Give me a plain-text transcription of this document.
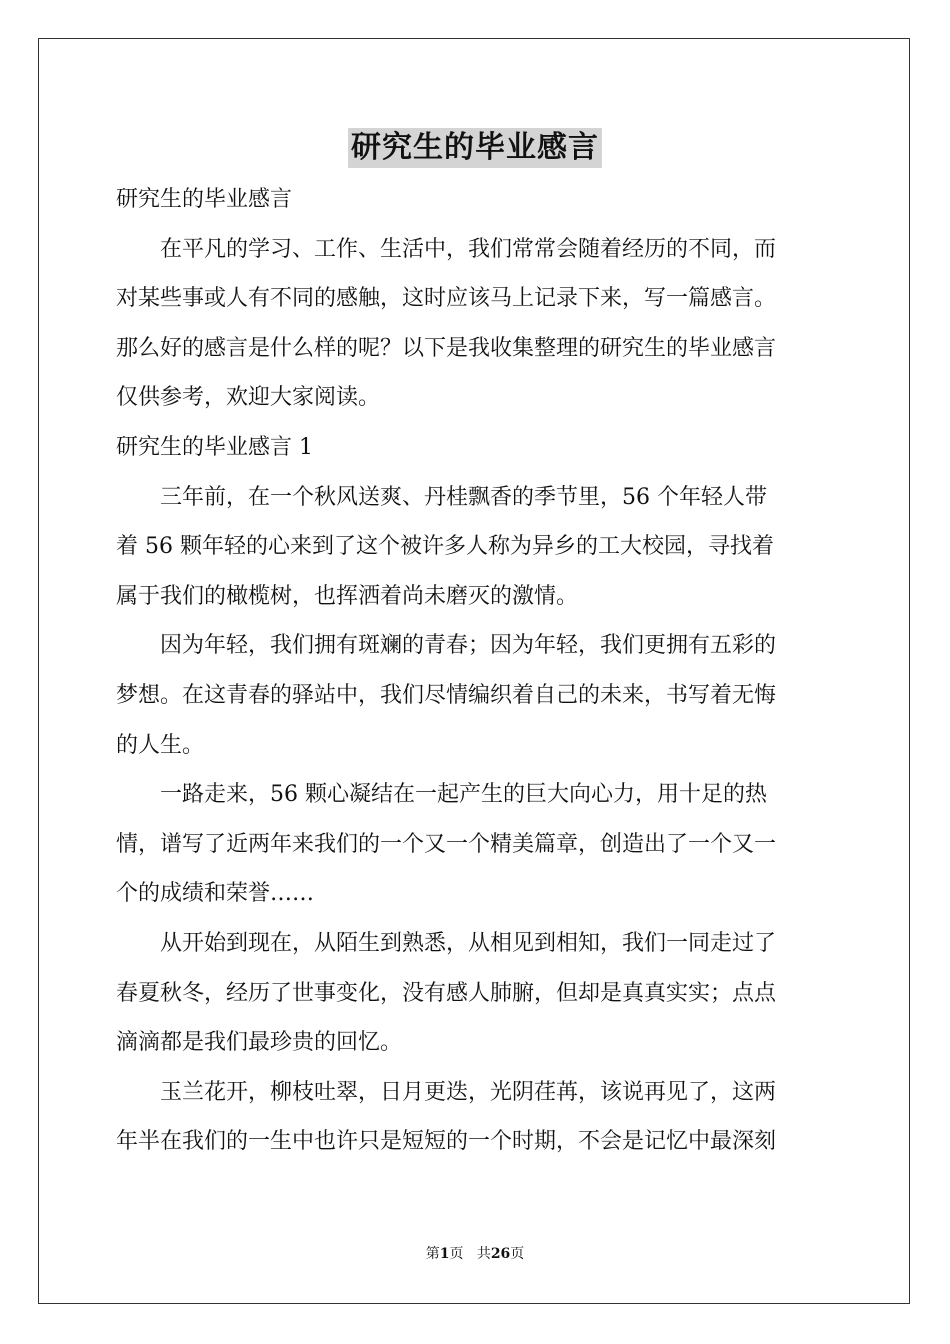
研究生的毕业感言

研究生的毕业感言

在平凡的学习、工作、生活中，我们常常会随着经历的不同，而

对某些事或人有不同的感触，这时应该马上记录下来，写一篇感言。

那么好的感言是什么样的呢？以下是我收集整理的研究生的毕业感言

仅供参考，欢迎大家阅读。

研究生的毕业感言 1

三年前，在一个秋风送爽、丹桂飘香的季节里，56 个年轻人带

着 56 颗年轻的心来到了这个被许多人称为异乡的工大校园，寻找着

属于我们的橄榄树，也挥洒着尚未磨灭的激情。

因为年轻，我们拥有斑斓的青春；因为年轻，我们更拥有五彩的

梦想。在这青春的驿站中，我们尽情编织着自己的未来，书写着无悔

的人生。

一路走来，56 颗心凝结在一起产生的巨大向心力，用十足的热

情，谱写了近两年来我们的一个又一个精美篇章，创造出了一个又一

个的成绩和荣誉……

从开始到现在，从陌生到熟悉，从相见到相知，我们一同走过了

春夏秋冬，经历了世事变化，没有感人肺腑，但却是真真实实；点点

滴滴都是我们最珍贵的回忆。

玉兰花开，柳枝吐翠，日月更迭，光阴荏苒，该说再见了，这两

年半在我们的一生中也许只是短短的一个时期，不会是记忆中最深刻

第1页 共26页
